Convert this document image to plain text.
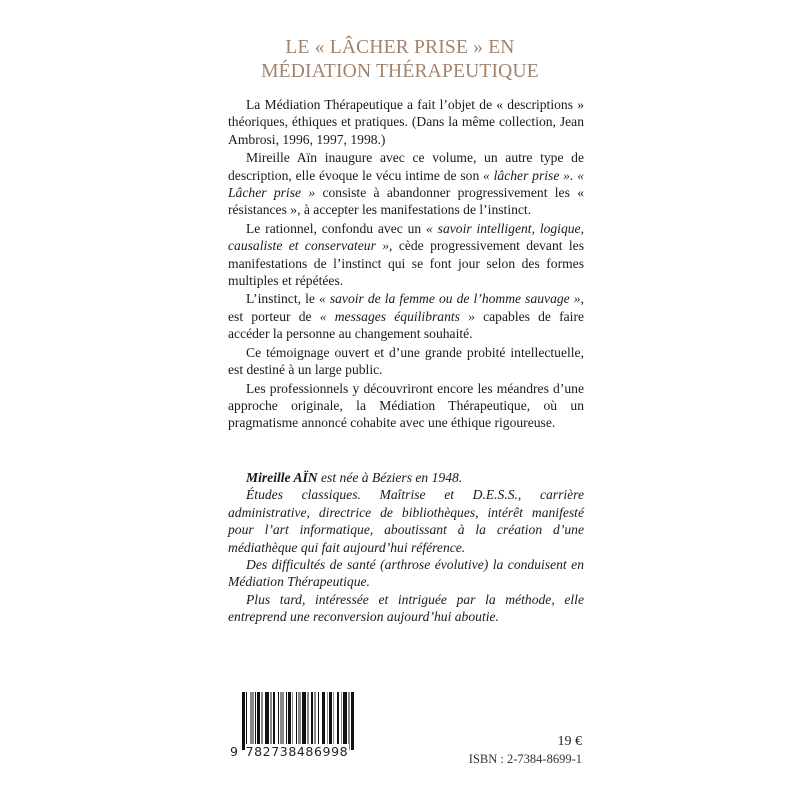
LE « LÂCHER PRISE » EN
MÉDIATION THÉRAPEUTIQUE

La Médiation Thérapeutique a fait l’objet de « descriptions » théoriques, éthiques et pratiques. (Dans la même collection, Jean Ambrosi, 1996, 1997, 1998.)

Mireille Aïn inaugure avec ce volume, un autre type de description, elle évoque le vécu intime de son « lâcher prise ». « Lâcher prise » consiste à abandonner progressivement les « résistances », à accepter les manifestations de l’instinct.

Le rationnel, confondu avec un « savoir intelligent, logique, causaliste et conservateur », cède progressivement devant les manifestations de l’instinct qui se font jour selon des formes multiples et répétées.

L’instinct, le « savoir de la femme ou de l’homme sauvage », est porteur de « messages équilibrants » capables de faire accéder la personne au changement souhaité.

Ce témoignage ouvert et d’une grande probité intellectuelle, est destiné à un large public.

Les professionnels y découvriront encore les méandres d’une approche originale, la Médiation Thérapeutique, où un pragmatisme annoncé cohabite avec une éthique rigoureuse.

Mireille AÏN est née à Béziers en 1948.

Études classiques. Maîtrise et D.E.S.S., carrière administrative, directrice de bibliothèques, intérêt manifesté pour l’art informatique, aboutissant à la création d’une médiathèque qui fait aujourd’hui référence.

Des difficultés de santé (arthrose évolutive) la conduisent en Médiation Thérapeutique.

Plus tard, intéressée et intriguée par la méthode, elle entreprend une reconversion aujourd’hui aboutie.

9 782738486998
19 €
ISBN : 2-7384-8699-1
